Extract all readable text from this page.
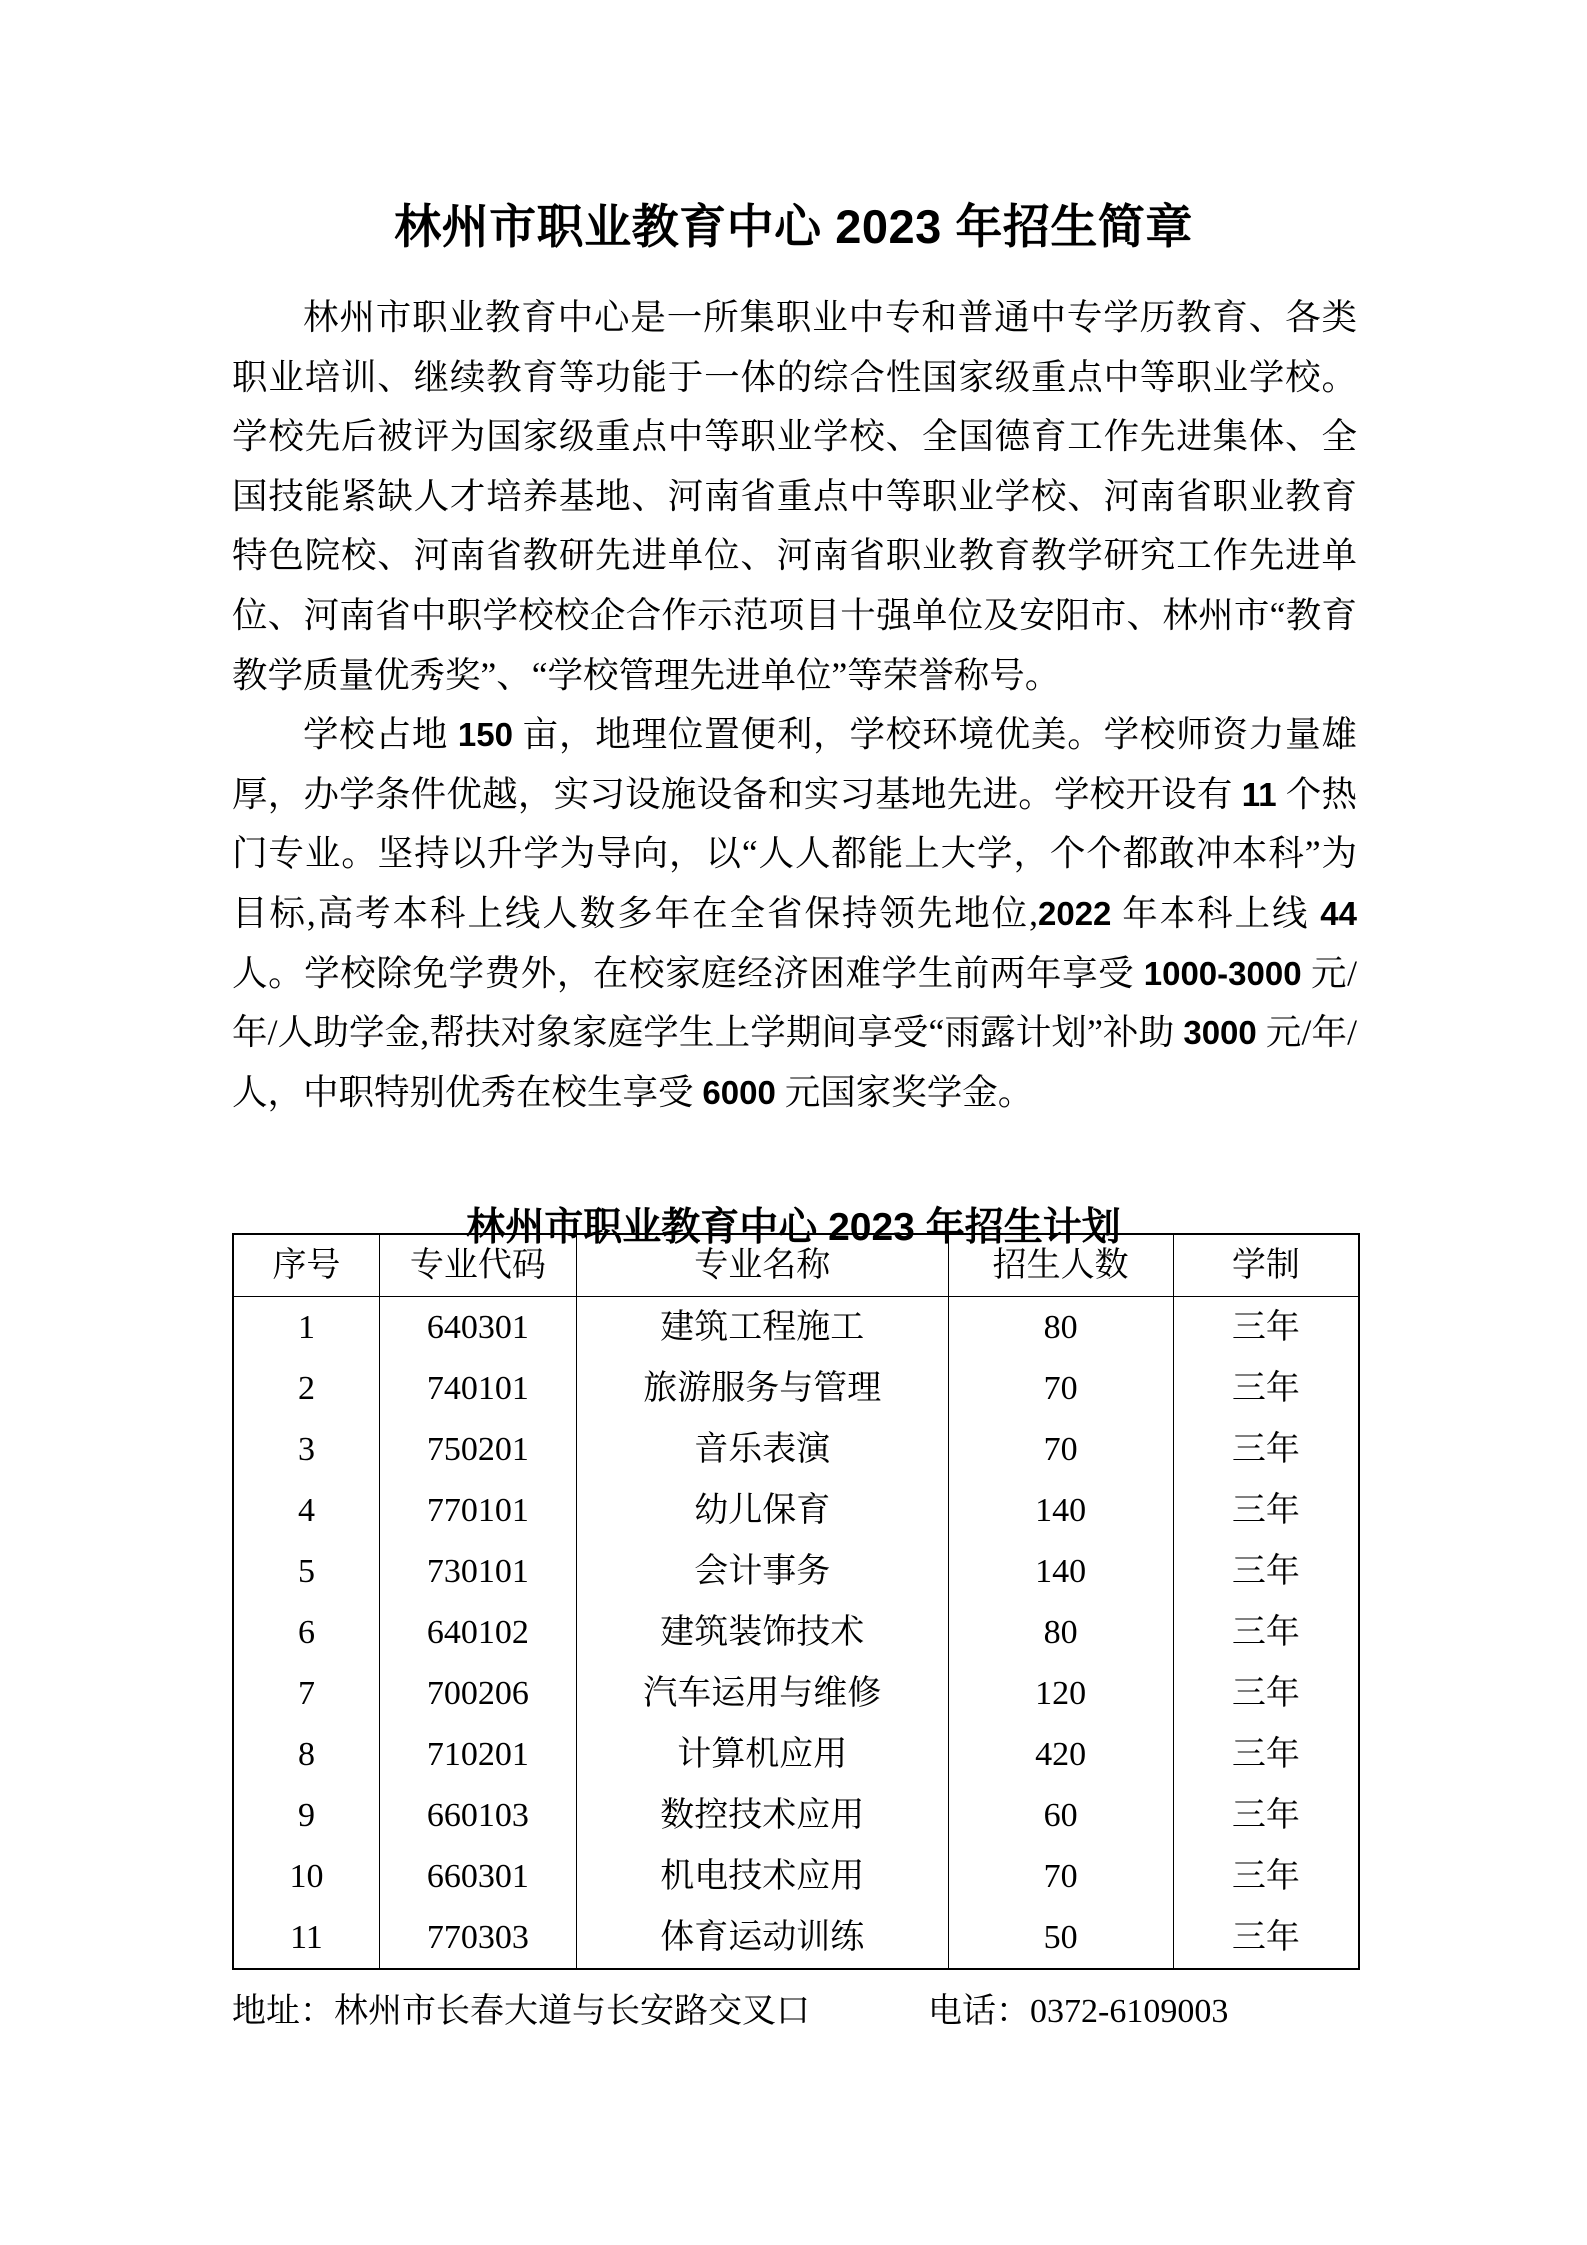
林州市职业教育中心 2023 年招生简章

林州市职业教育中心是一所集职业中专和普通中专学历教育、各类职业培训、继续教育等功能于一体的综合性国家级重点中等职业学校。学校先后被评为国家级重点中等职业学校、全国德育工作先进集体、全国技能紧缺人才培养基地、河南省重点中等职业学校、河南省职业教育特色院校、河南省教研先进单位、河南省职业教育教学研究工作先进单位、河南省中职学校校企合作示范项目十强单位及安阳市、林州市“教育教学质量优秀奖”、“学校管理先进单位”等荣誉称号。

学校占地 150 亩，地理位置便利，学校环境优美。学校师资力量雄厚，办学条件优越，实习设施设备和实习基地先进。学校开设有 11 个热门专业。坚持以升学为导向，以“人人都能上大学，个个都敢冲本科”为目标,高考本科上线人数多年在全省保持领先地位,2022 年本科上线 44 人。学校除免学费外，在校家庭经济困难学生前两年享受 1000-3000 元/年/人助学金,帮扶对象家庭学生上学期间享受“雨露计划”补助 3000 元/年/人，中职特别优秀在校生享受 6000 元国家奖学金。

林州市职业教育中心 2023 年招生计划
序号	专业代码	专业名称	招生人数	学制
1	640301	建筑工程施工	80	三年
2	740101	旅游服务与管理	70	三年
3	750201	音乐表演	70	三年
4	770101	幼儿保育	140	三年
5	730101	会计事务	140	三年
6	640102	建筑装饰技术	80	三年
7	700206	汽车运用与维修	120	三年
8	710201	计算机应用	420	三年
9	660103	数控技术应用	60	三年
10	660301	机电技术应用	70	三年
11	770303	体育运动训练	50	三年
地址：林州市长春大道与长安路交叉口	电话：0372-6109003
